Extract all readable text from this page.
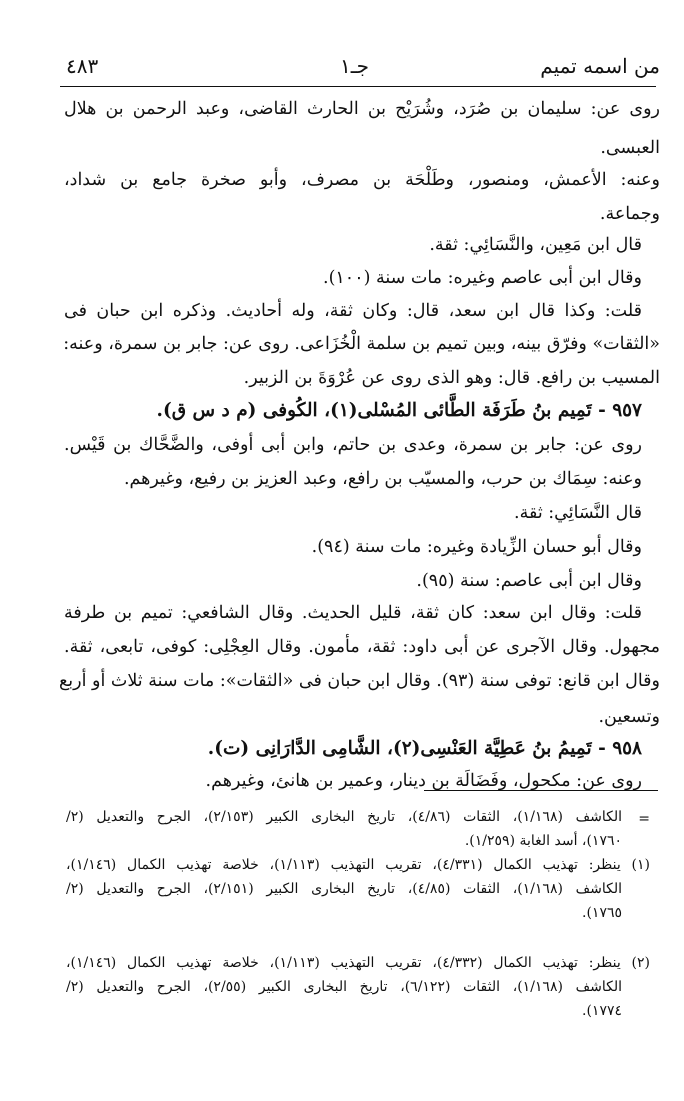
من اسمه تميم
جـ١
٤٨٣
روى عن: سليمان بن صُرَد، وشُرَيْح بن الحارث القاضى، وعبد الرحمن بن هلال
العبسى.
وعنه: الأعمش، ومنصور، وطَلْحَة بن مصرف، وأبو صخرة جامع بن شداد،
وجماعة.
قال ابن مَعِين، والنَّسَائِي: ثقة.
وقال ابن أبى عاصم وغيره: مات سنة (١٠٠).
قلت: وكذا قال ابن سعد، قال: وكان ثقة، وله أحاديث. وذكره ابن حبان فى
«الثقات» وفرّق بينه، وبين تميم بن سلمة الْخُزَاعى. روى عن: جابر بن سمرة، وعنه:
المسيب بن رافع. قال: وهو الذى روى عن عُرْوَةَ بن الزبير.
٩٥٧ - تَمِيم بنُ طَرَفَة الطَّائى المُسْلى(١)، الكُوفى (م د س ق).
روى عن: جابر بن سمرة، وعدى بن حاتم، وابن أبى أوفى، والضَّحَّاك بن قَيْس.
وعنه: سِمَاك بن حرب، والمسيّب بن رافع، وعبد العزيز بن رفيع، وغيرهم.
قال النَّسَائِي: ثقة.
وقال أبو حسان الزِّيادة وغيره: مات سنة (٩٤).
وقال ابن أبى عاصم: سنة (٩٥).
قلت: وقال ابن سعد: كان ثقة، قليل الحديث. وقال الشافعي: تميم بن طرفة
مجهول. وقال الآجرى عن أبى داود: ثقة، مأمون. وقال العِجْلِى: كوفى، تابعى، ثقة.
وقال ابن قانع: توفى سنة (٩٣). وقال ابن حبان فى «الثقات»: مات سنة ثلاث أو أربع
وتسعين.
٩٥٨ - تَمِيمُ بنُ عَطِيَّة العَنْسِى(٢)، الشَّامِى الدَّارَانِى (ت).
روى عن: مكحول، وفَضَالَة بن دينار، وعمير بن هانئ، وغيرهم.
=
الكاشف (١/١٦٨)، الثقات (٤/٨٦)، تاريخ البخارى الكبير (٢/١٥٣)، الجرح والتعديل (٢/
١٧٦٠)، أسد الغابة (١/٢٥٩).
(١) ينظر: تهذيب الكمال (٤/٣٣١)، تقريب التهذيب (١/١١٣)، خلاصة تهذيب الكمال (١/١٤٦)،
الكاشف (١/١٦٨)، الثقات (٤/٨٥)، تاريخ البخارى الكبير (٢/١٥١)، الجرح والتعديل (٢/
١٧٦٥).
(٢) ينظر: تهذيب الكمال (٤/٣٣٢)، تقريب التهذيب (١/١١٣)، خلاصة تهذيب الكمال (١/١٤٦)،
الكاشف (١/١٦٨)، الثقات (٦/١٢٢)، تاريخ البخارى الكبير (٢/٥٥)، الجرح والتعديل (٢/
١٧٧٤).
